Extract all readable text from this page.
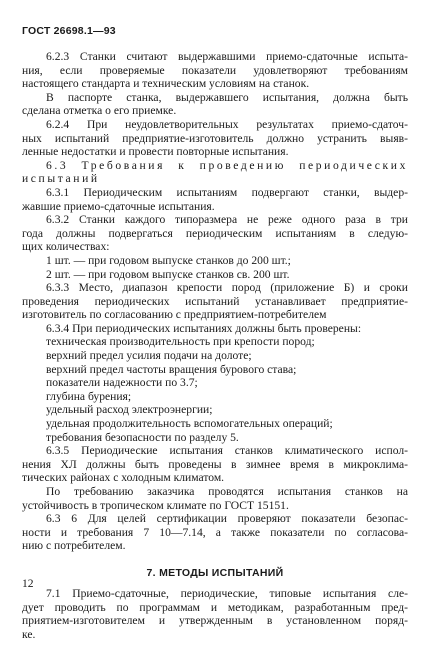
ГОСТ 26698.1—93
6.2.3 Станки считают выдержавшими приемо-сдаточные испыта-
ния, если проверяемые показатели удовлетворяют требованиям
настоящего стандарта и техническим условиям на станок.
В паспорте станка, выдержавшего испытания, должна быть
сделана отметка о его приемке.
6.2.4 При неудовлетворительных результатах приемо-сдаточ-
ных испытаний предприятие-изготовитель должно устранить выяв-
ленные недостатки и провести повторные испытания.
6.3 Требования к проведению периодических
испытаний
6.3.1 Периодическим испытаниям подвергают станки, выдер-
жавшие приемо-сдаточные испытания.
6.3.2 Станки каждого типоразмера не реже одного раза в три
года должны подвергаться периодическим испытаниям в следую-
щих количествах:
1 шт. — при годовом выпуске станков до 200 шт.;
2 шт. — при годовом выпуске станков св. 200 шт.
6.3.3 Место, диапазон крепости пород (приложение Б) и сроки
проведения периодических испытаний устанавливает предприятие-
изготовитель по согласованию с предприятием-потребителем
6.3.4 При периодических испытаниях должны быть проверены:
техническая производительность при крепости пород;
верхний предел усилия подачи на долоте;
верхний предел частоты вращения бурового става;
показатели надежности по 3.7;
глубина бурения;
удельный расход электроэнергии;
удельная продолжительность вспомогательных операций;
требования безопасности по разделу 5.
6.3.5 Периодические испытания станков климатического испол-
нения ХЛ должны быть проведены в зимнее время в микроклима-
тических районах с холодным климатом.
По требованию заказчика проводятся испытания станков на
устойчивость в тропическом климате по ГОСТ 15151.
6.3 6 Для целей сертификации проверяют показатели безопас-
ности и требования 7 10—7.14, а также показатели по согласова-
нию с потребителем.
7. МЕТОДЫ ИСПЫТАНИЙ
7.1 Приемо-сдаточные, периодические, типовые испытания сле-
дует проводить по программам и методикам, разработанным пред-
приятием-изготовителем и утвержденным в установленном поряд-
ке.
12
